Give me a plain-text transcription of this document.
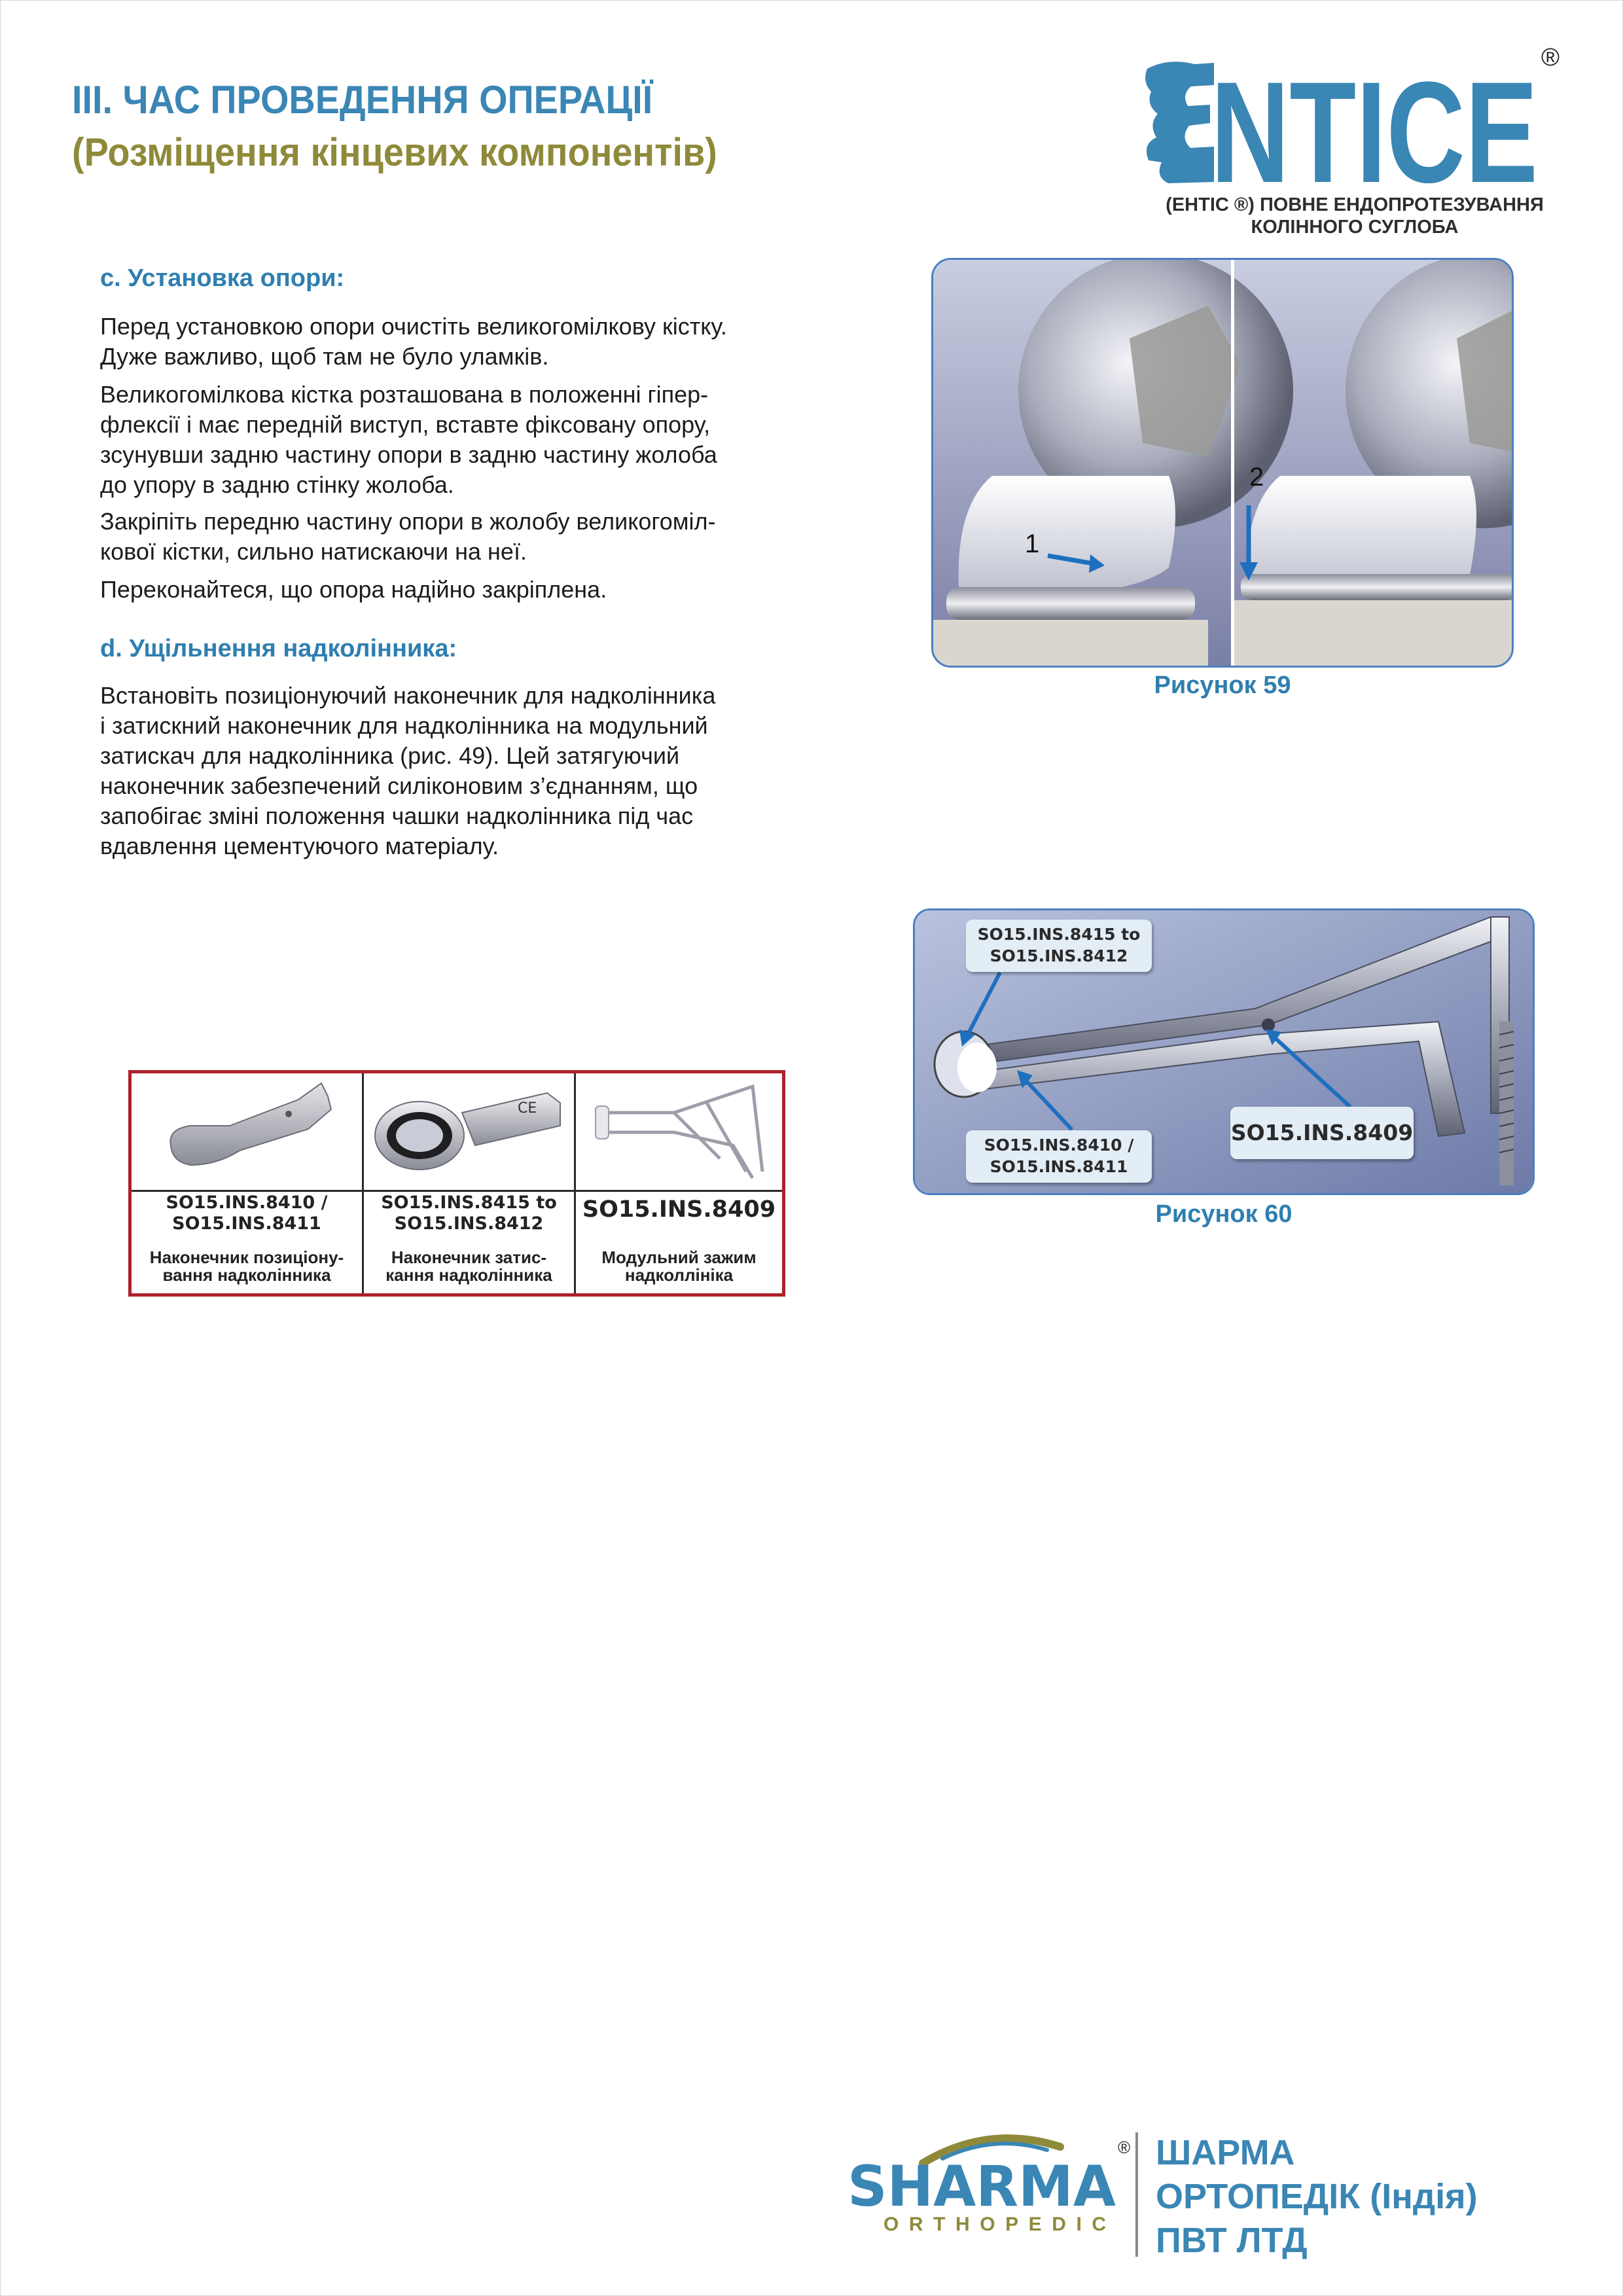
III. ЧАС ПРОВЕДЕННЯ ОПЕРАЦІЇ
(Розміщення кінцевих компонентів)	NTICE ®
(EHTIC ®) ПОВНЕ ЕНДОПРОТЕЗУВАННЯ
КОЛІННОГО СУГЛОБА
c. Установка опори:
Перед установкою опори очистіть великогомілкову кістку.
Дуже важливо, щоб там не було уламків.
Великогомілкова кістка розташована в положенні гіпер-
флексії і має передній виступ, вставте фіксовану опору,
зсунувши задню частину опори в задню частину жолоба
до упору в задню стінку жолоба.
Закріпіть передню частину опори в жолобу великогоміл-
кової кістки, сильно натискаючи на неї.
Переконайтеся, що опора надійно закріплена.
d. Ущільнення надколінника:
Встановіть позиціонуючий наконечник для надколінника
і затискний наконечник для надколінника на модульний
затискач для надколінника (рис. 49). Цей затягуючий
наконечник забезпечений силіконовим з’єднанням, що
запобігає зміні положення чашки надколінника під час
вдавлення цементуючого матеріалу.
1
2
Рисунок 59
SO15.INS.8415 to
SO15.INS.8412
SO15.INS.8410 /
SO15.INS.8411
SO15.INS.8409
Рисунок 60
SO15.INS.8410 /
SO15.INS.8411
Наконечник позиціону-
вання надколінника
CE
SO15.INS.8415 to
SO15.INS.8412
Наконечник затис-
кання надколінника
SO15.INS.8409
Модульний зажим
надколлініка
SHARMA
®
ORTHOPEDIC
ШАРМА
ОРТОПЕДІК (Індія)
ПВТ ЛТД
